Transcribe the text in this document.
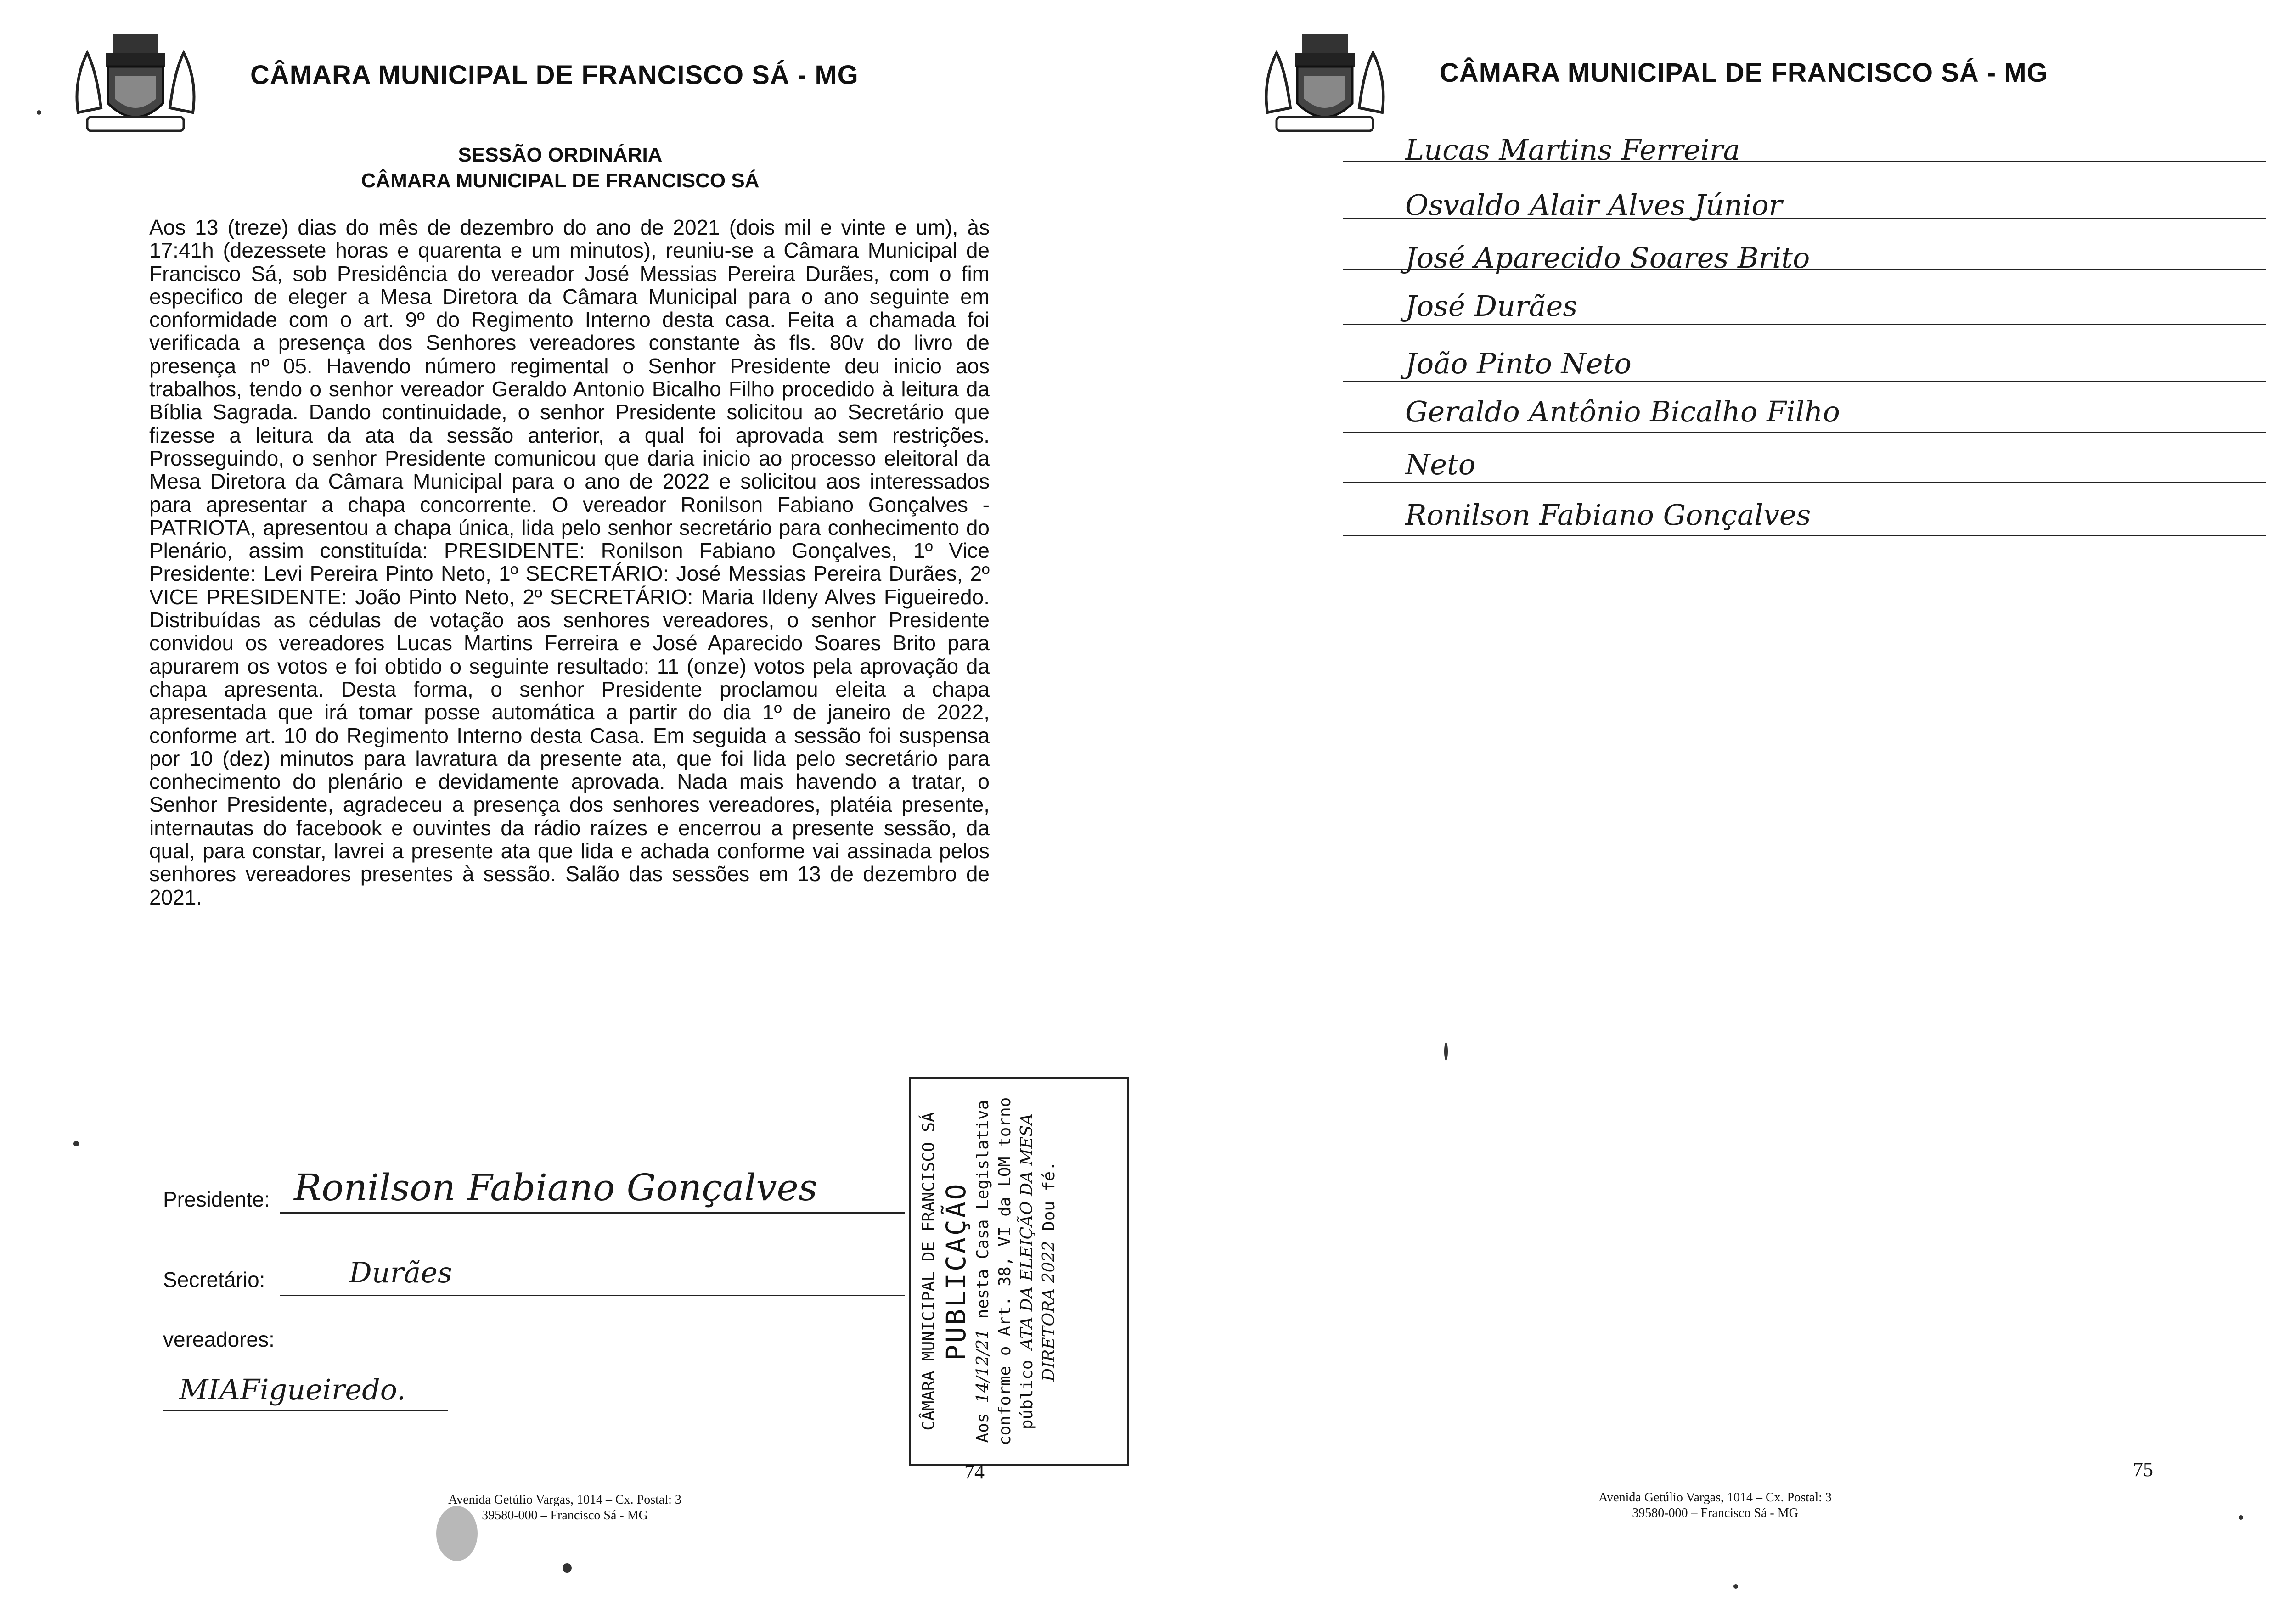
CÂMARA MUNICIPAL DE FRANCISCO SÁ - MG
SESSÃO ORDINÁRIA
CÂMARA MUNICIPAL DE FRANCISCO SÁ
Aos 13 (treze) dias do mês de dezembro do ano de 2021 (dois mil e vinte e um), às 17:41h (dezessete horas e quarenta e um minutos), reuniu-se a Câmara Municipal de Francisco Sá, sob Presidência do vereador José Messias Pereira Durães, com o fim especifico de eleger a Mesa Diretora da Câmara Municipal para o ano seguinte em conformidade com o art. 9º do Regimento Interno desta casa. Feita a chamada foi verificada a presença dos Senhores vereadores constante às fls. 80v do livro de presença nº 05. Havendo número regimental o Senhor Presidente deu inicio aos trabalhos, tendo o senhor vereador Geraldo Antonio Bicalho Filho procedido à leitura da Bíblia Sagrada. Dando continuidade, o senhor Presidente solicitou ao Secretário que fizesse a leitura da ata da sessão anterior, a qual foi aprovada sem restrições. Prosseguindo, o senhor Presidente comunicou que daria inicio ao processo eleitoral da Mesa Diretora da Câmara Municipal para o ano de 2022 e solicitou aos interessados para apresentar a chapa concorrente. O vereador Ronilson Fabiano Gonçalves - PATRIOTA, apresentou a chapa única, lida pelo senhor secretário para conhecimento do Plenário, assim constituída: PRESIDENTE: Ronilson Fabiano Gonçalves, 1º Vice Presidente: Levi Pereira Pinto Neto, 1º SECRETÁRIO: José Messias Pereira Durães, 2º VICE PRESIDENTE: João Pinto Neto, 2º SECRETÁRIO: Maria Ildeny Alves Figueiredo. Distribuídas as cédulas de votação aos senhores vereadores, o senhor Presidente convidou os vereadores Lucas Martins Ferreira e José Aparecido Soares Brito para apurarem os votos e foi obtido o seguinte resultado: 11 (onze) votos pela aprovação da chapa apresenta. Desta forma, o senhor Presidente proclamou eleita a chapa apresentada que irá tomar posse automática a partir do dia 1º de janeiro de 2022, conforme art. 10 do Regimento Interno desta Casa. Em seguida a sessão foi suspensa por 10 (dez) minutos para lavratura da presente ata, que foi lida pelo secretário para conhecimento do plenário e devidamente aprovada. Nada mais havendo a tratar, o Senhor Presidente, agradeceu a presença dos senhores vereadores, platéia presente, internautas do facebook e ouvintes da rádio raízes e encerrou a presente sessão, da qual, para constar, lavrei a presente ata que lida e achada conforme vai assinada pelos senhores vereadores presentes à sessão. Salão das sessões em 13 de dezembro de 2021.
Presidente: Ronilson Fabiano Gonçalves
Secretário:	Durães
vereadores:
MIAFigueiredo.	CÂMARA MUNICIPAL DE FRANCISCO SÁ PUBLICAÇÃO
Aos 14/12/21 nesta Casa Legislativa conforme o Art. 38, VI da LOM torno público ATA DA ELEIÇÃO DA MESA DIRETORA 2022 Dou fé.
74
Avenida Getúlio Vargas, 1014 – Cx. Postal: 3
39580-000 – Francisco Sá - MG
CÂMARA MUNICIPAL DE FRANCISCO SÁ - MG
Lucas Martins Ferreira
Osvaldo Alair Alves Júnior
José Aparecido Soares Brito
José Durães
João Pinto Neto
Geraldo Antônio Bicalho Filho
Neto
Ronilson Fabiano Gonçalves
75
Avenida Getúlio Vargas, 1014 – Cx. Postal: 3
39580-000 – Francisco Sá - MG
